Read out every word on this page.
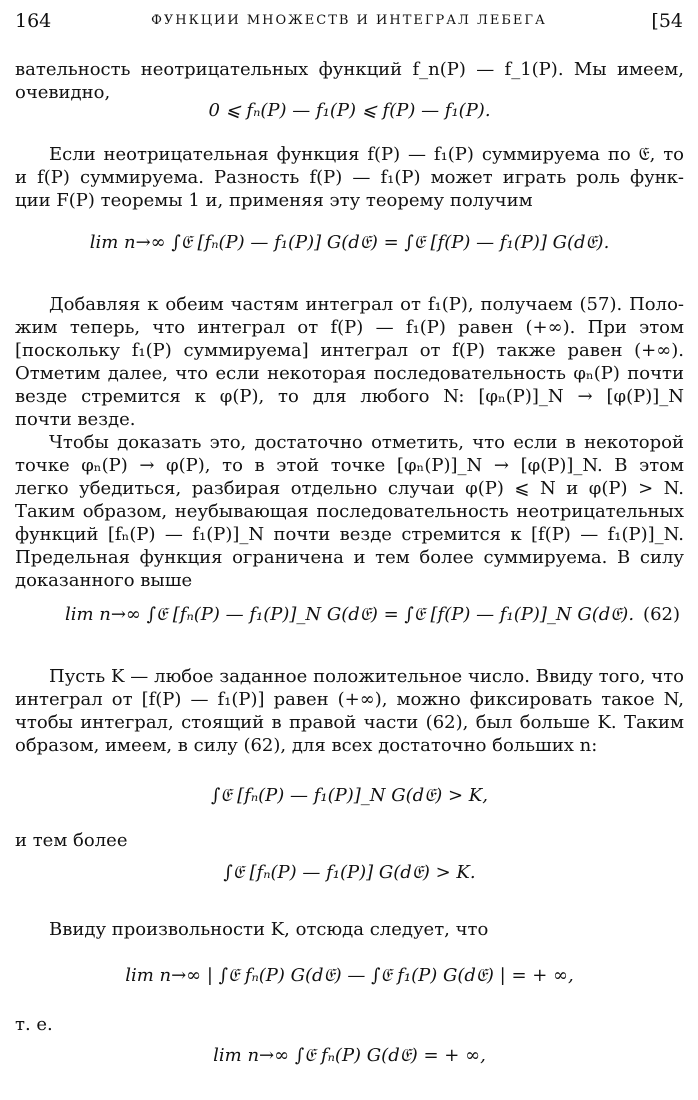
164	ФУНКЦИИ МНОЖЕСТВ И ИНТЕГРАЛ ЛЕБЕГА	[54
вательность неотрицательных функций f_n(P) — f_1(P). Мы имеем,
очевидно,
0 ⩽ fₙ(P) — f₁(P) ⩽ f(P) — f₁(P).
Если неотрицательная функция f(P) — f₁(P) суммируема по 𝔈, то
и f(P) суммируема. Разность f(P) — f₁(P) может играть роль функ-
ции F(P) теоремы 1 и, применяя эту теорему получим
lim n→∞ ∫𝔈 [fₙ(P) — f₁(P)] G(d𝔈) = ∫𝔈 [f(P) — f₁(P)] G(d𝔈).
Добавляя к обеим частям интеграл от f₁(P), получаем (57). Поло-
жим теперь, что интеграл от f(P) — f₁(P) равен (+∞). При этом
[поскольку f₁(P) суммируема] интеграл от f(P) также равен (+∞).
Отметим далее, что если некоторая последовательность φₙ(P) почти
везде стремится к φ(P), то для любого N: [φₙ(P)]_N → [φ(P)]_N
почти везде.
Чтобы доказать это, достаточно отметить, что если в некоторой
точке φₙ(P) → φ(P), то в этой точке [φₙ(P)]_N → [φ(P)]_N. В этом
легко убедиться, разбирая отдельно случаи φ(P) ⩽ N и φ(P) > N.
Таким образом, неубывающая последовательность неотрицательных
функций [fₙ(P) — f₁(P)]_N почти везде стремится к [f(P) — f₁(P)]_N.
Предельная функция ограничена и тем более суммируема. В силу
доказанного выше
lim n→∞ ∫𝔈 [fₙ(P) — f₁(P)]_N G(d𝔈) = ∫𝔈 [f(P) — f₁(P)]_N G(d𝔈). (62)
Пусть K — любое заданное положительное число. Ввиду того, что
интеграл от [f(P) — f₁(P)] равен (+∞), можно фиксировать такое N,
чтобы интеграл, стоящий в правой части (62), был больше K. Таким
образом, имеем, в силу (62), для всех достаточно больших n:
∫𝔈 [fₙ(P) — f₁(P)]_N G(d𝔈) > K,
и тем более
∫𝔈 [fₙ(P) — f₁(P)] G(d𝔈) > K.
Ввиду произвольности K, отсюда следует, что
lim n→∞ | ∫𝔈 fₙ(P) G(d𝔈) — ∫𝔈 f₁(P) G(d𝔈) | = + ∞,
т. е.
lim n→∞ ∫𝔈 fₙ(P) G(d𝔈) = + ∞,
